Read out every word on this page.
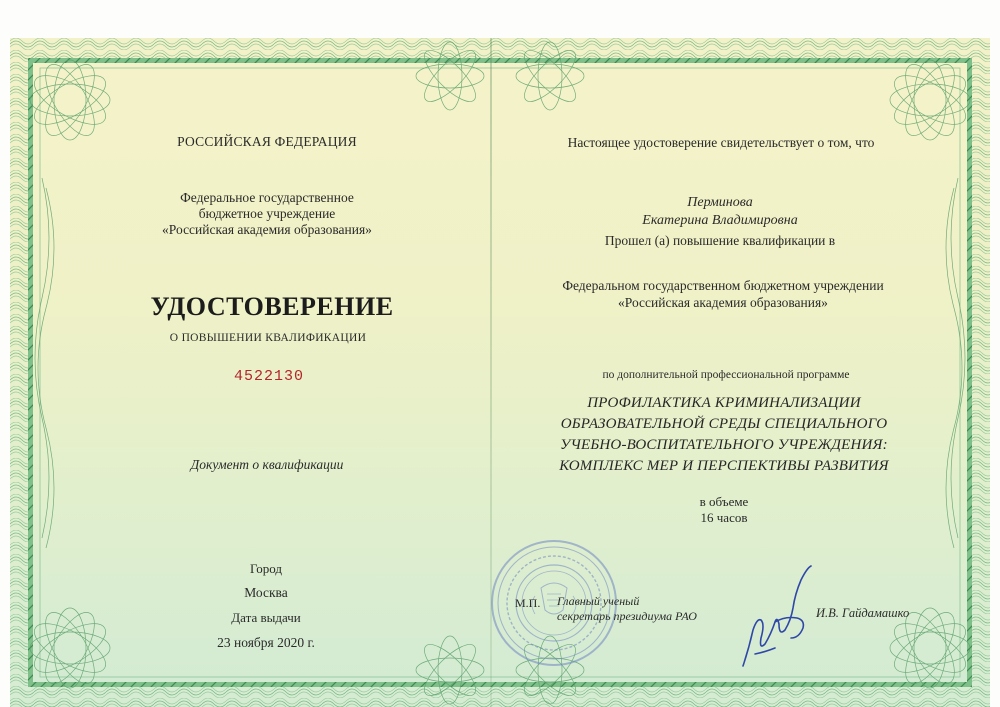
РОССИЙСКАЯ ФЕДЕРАЦИЯ
Федеральное государственное
бюджетное учреждение
«Российская академия образования»
УДОСТОВЕРЕНИЕ
О ПОВЫШЕНИИ КВАЛИФИКАЦИИ
4522130
Документ о квалификации
Город
Москва
Дата выдачи
23 ноября 2020 г.
Настоящее удостоверение свидетельствует о том, что
Перминова
Екатерина Владимировна
Прошел (а) повышение квалификации в
Федеральном государственном бюджетном учреждении
«Российская академия образования»
по дополнительной профессиональной программе
ПРОФИЛАКТИКА КРИМИНАЛИЗАЦИИ
ОБРАЗОВАТЕЛЬНОЙ СРЕДЫ СПЕЦИАЛЬНОГО
УЧЕБНО-ВОСПИТАТЕЛЬНОГО УЧРЕЖДЕНИЯ:
КОМПЛЕКС МЕР И ПЕРСПЕКТИВЫ РАЗВИТИЯ
в объеме
16 часов
М.П. Главный ученый
секретарь президиума РАО	И.В. Гайдамашко
